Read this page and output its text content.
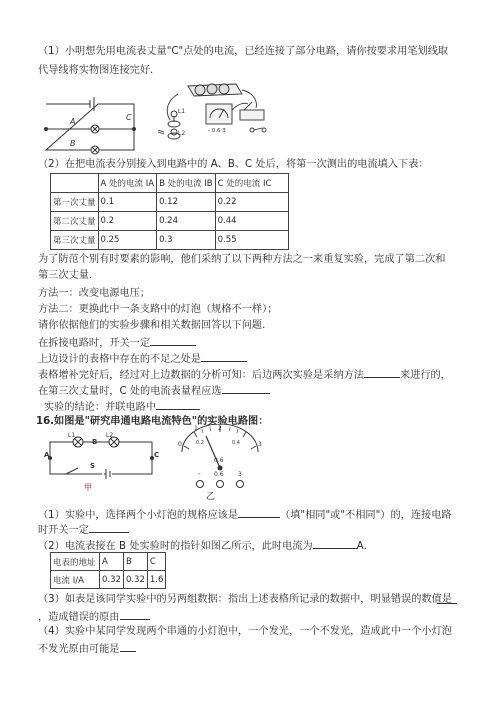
（1）小明想先用电流表丈量"C"点处的电流，已经连接了部分电路，请你按要求用笔划线取
代导线将实物图连接完好.
A
B
C
L1
L2	- 0.6 3
（2）在把电流表分别接入到电路中的 A、B、C 处后，将第一次测出的电流填入下表：
	A 处的电流 IA	B 处的电流 IB	C 处的电流 IC
第一次丈量	0.1	0.12	0.22
第二次丈量	0.2	0.24	0.44
第三次丈量	0.25	0.3	0.55
为了防范个别有时要素的影响，他们采纳了以下两种方法之一来重复实验，完成了第二次和
第三次丈量.
方法一：改变电源电压；
方法二：更换此中一条支路中的灯泡（规格不一样）；
请你依据他们的实验步骤和相关数据回答以下问题.
在拆接电路时，开关一定
上边设计的表格中存在的不足之处是
表格增补完好后，经过对上边数据的分析可知：后边两次实验是采纳方法	来进行的，
在第三次丈量时，C 处的电流表量程应选
实验的结论：并联电路中
16.如图是"研究串通电路电流特色"的实验电路图：
L1	L2
B
A	C
S
甲
0
1	2
3
0.2	0.4
0.6
- 0.6 3
乙
（1）实验中，选择两个小灯泡的规格应该是	（填"相同"或"不相同"）的，连接电路
时开关一定
（2）电流表接在 B 处实验时的指针如图乙所示，此时电流为	A．
电表的地址	A	B	C
电流 I/A	0.32	0.32	1.6
（3）如表是该同学实验中的另两组数据：指出上述表格所记录的数据中，明显错误的数值是
，造成错误的原由
（4）实验中某同学发现两个串通的小灯泡中，一个发光，一个不发光，造成此中一个小灯泡
不发光原由可能是
